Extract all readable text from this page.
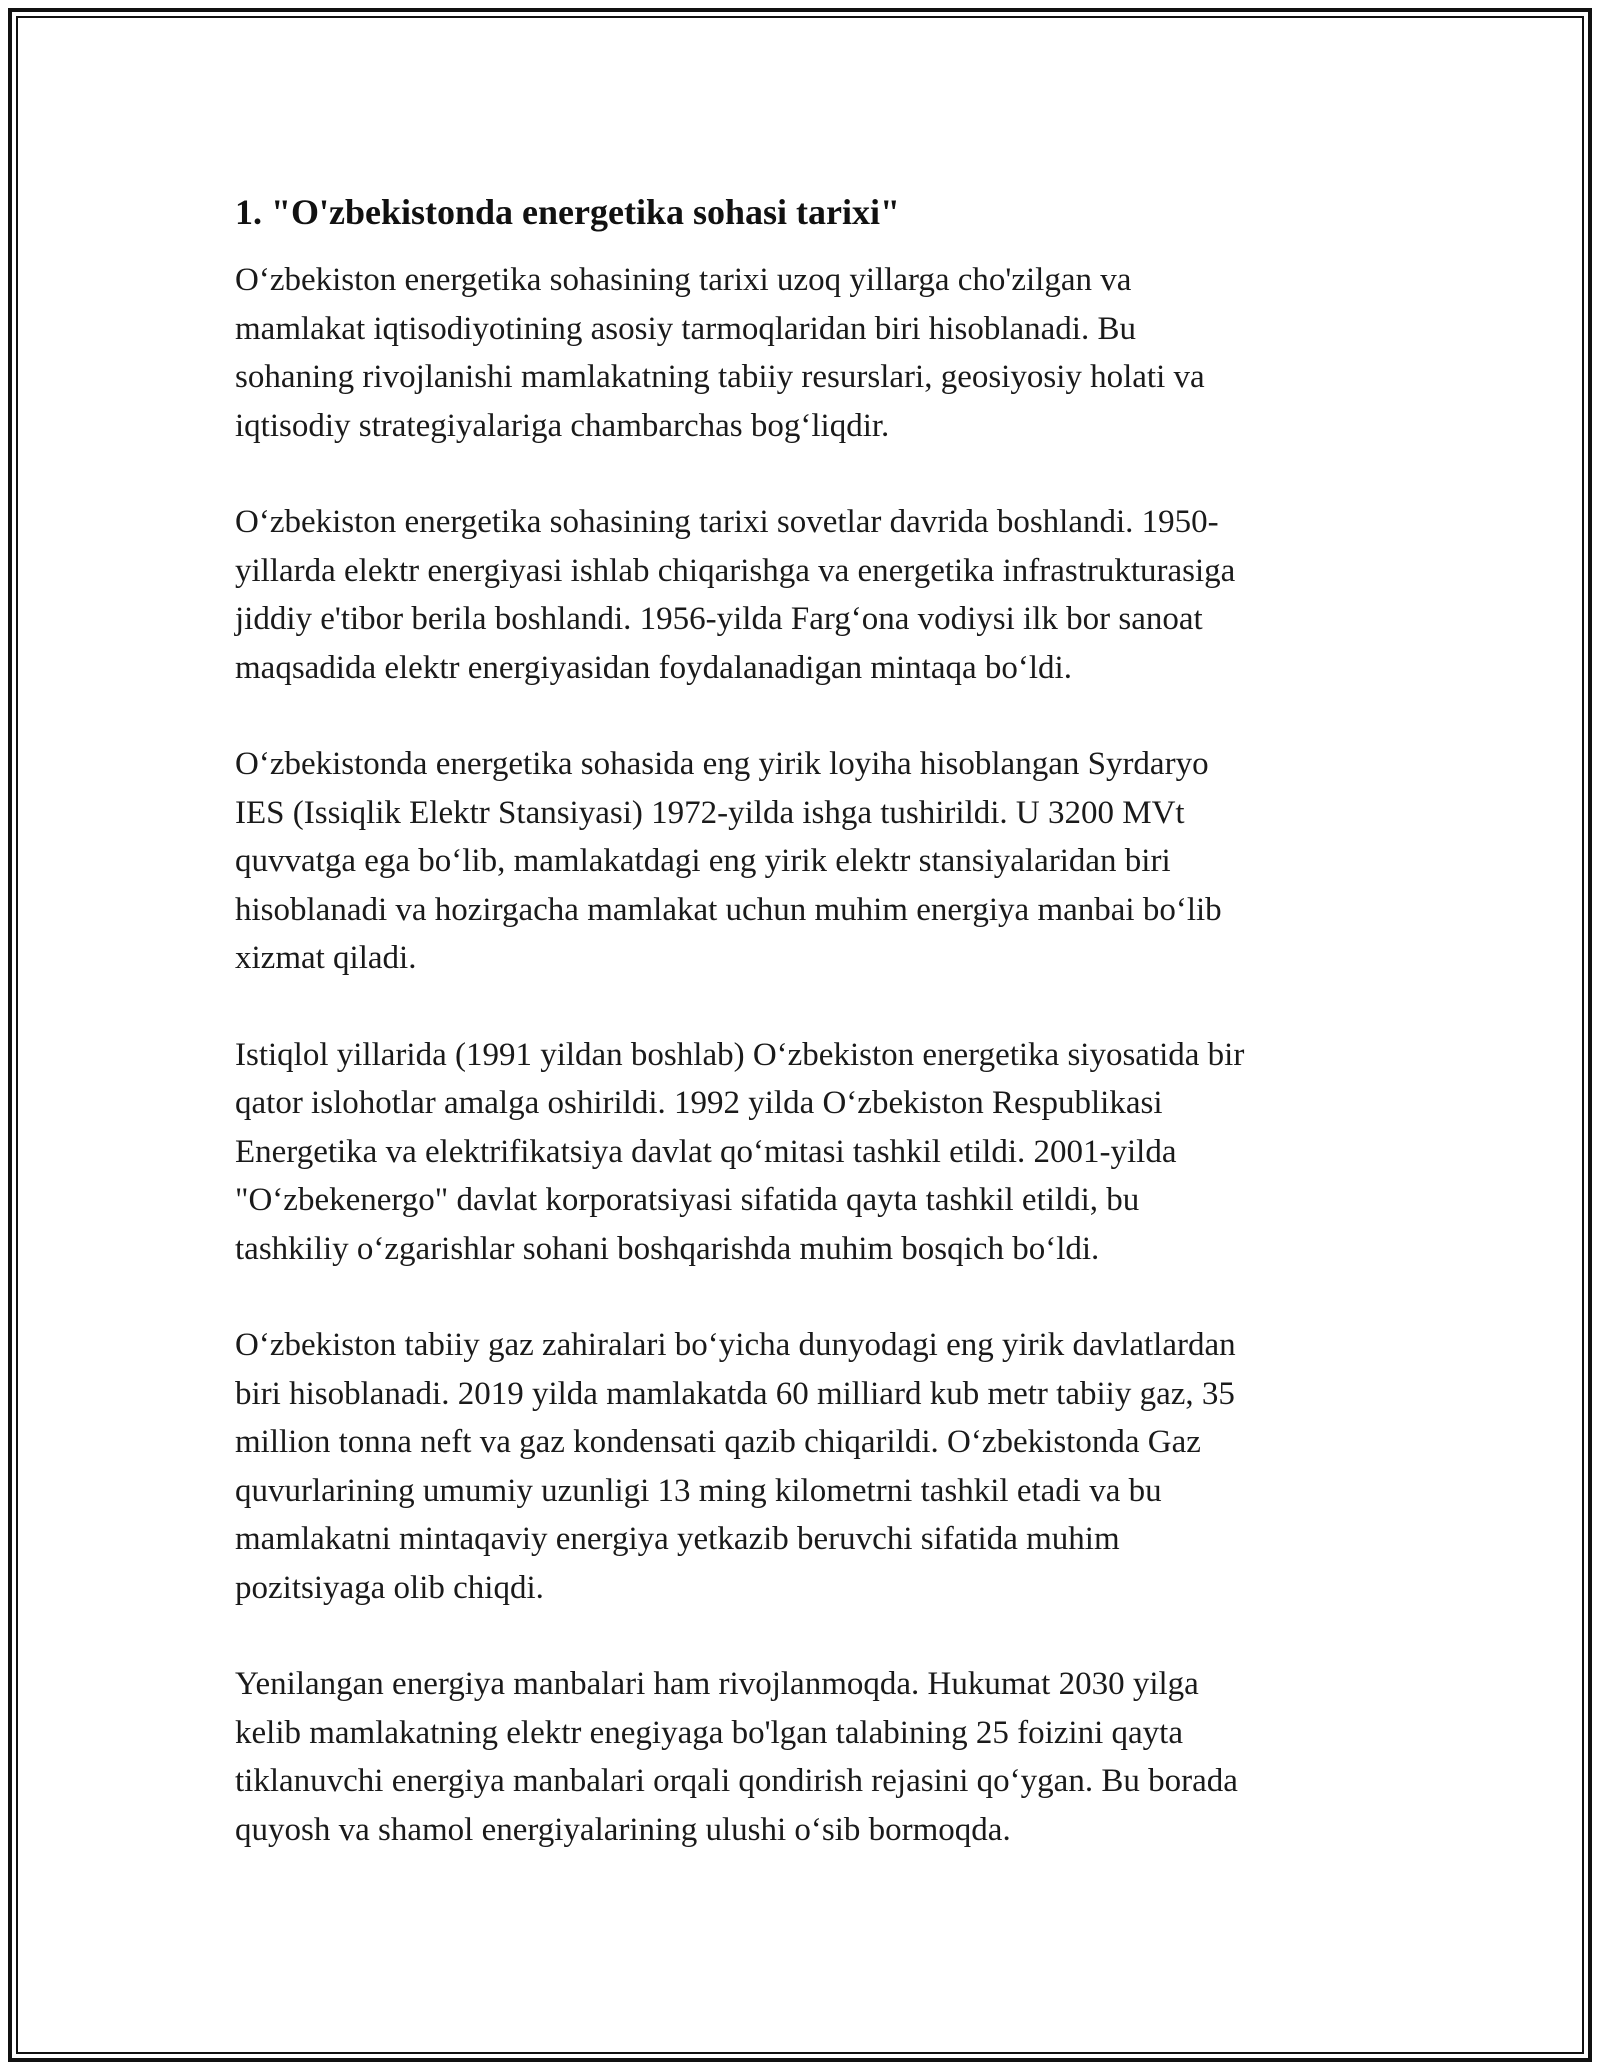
1. "O'zbekistonda energetika sohasi tarixi"

O‘zbekiston energetika sohasining tarixi uzoq yillarga cho'zilgan va
mamlakat iqtisodiyotining asosiy tarmoqlaridan biri hisoblanadi. Bu
sohaning rivojlanishi mamlakatning tabiiy resurslari, geosiyosiy holati va
iqtisodiy strategiyalariga chambarchas bog‘liqdir.

O‘zbekiston energetika sohasining tarixi sovetlar davrida boshlandi. 1950-
yillarda elektr energiyasi ishlab chiqarishga va energetika infrastrukturasiga
jiddiy e'tibor berila boshlandi. 1956-yilda Farg‘ona vodiysi ilk bor sanoat
maqsadida elektr energiyasidan foydalanadigan mintaqa bo‘ldi.

O‘zbekistonda energetika sohasida eng yirik loyiha hisoblangan Syrdaryo
IES (Issiqlik Elektr Stansiyasi) 1972-yilda ishga tushirildi. U 3200 MVt
quvvatga ega bo‘lib, mamlakatdagi eng yirik elektr stansiyalaridan biri
hisoblanadi va hozirgacha mamlakat uchun muhim energiya manbai bo‘lib
xizmat qiladi.

Istiqlol yillarida (1991 yildan boshlab) O‘zbekiston energetika siyosatida bir
qator islohotlar amalga oshirildi. 1992 yilda O‘zbekiston Respublikasi
Energetika va elektrifikatsiya davlat qo‘mitasi tashkil etildi. 2001-yilda
"O‘zbekenergo" davlat korporatsiyasi sifatida qayta tashkil etildi, bu
tashkiliy o‘zgarishlar sohani boshqarishda muhim bosqich bo‘ldi.

O‘zbekiston tabiiy gaz zahiralari bo‘yicha dunyodagi eng yirik davlatlardan
biri hisoblanadi. 2019 yilda mamlakatda 60 milliard kub metr tabiiy gaz, 35
million tonna neft va gaz kondensati qazib chiqarildi. O‘zbekistonda Gaz
quvurlarining umumiy uzunligi 13 ming kilometrni tashkil etadi va bu
mamlakatni mintaqaviy energiya yetkazib beruvchi sifatida muhim
pozitsiyaga olib chiqdi.

Yenilangan energiya manbalari ham rivojlanmoqda. Hukumat 2030 yilga
kelib mamlakatning elektr enegiyaga bo'lgan talabining 25 foizini qayta
tiklanuvchi energiya manbalari orqali qondirish rejasini qo‘ygan. Bu borada
quyosh va shamol energiyalarining ulushi o‘sib bormoqda.
